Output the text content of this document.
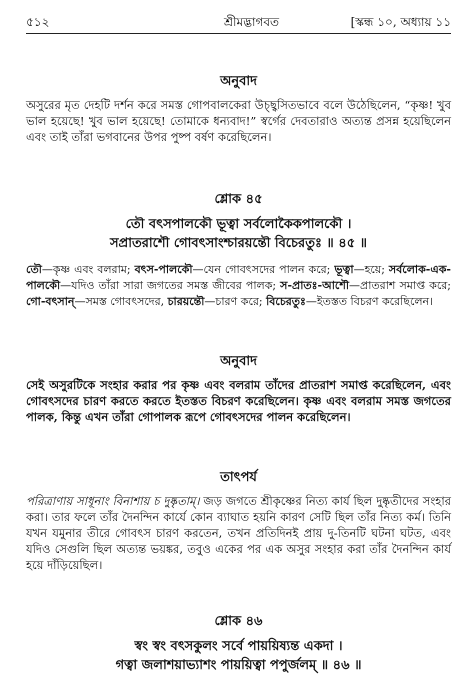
৫১২	শ্রীমদ্ভাগবত	[স্কন্ধ ১০, অধ্যায় ১১

অনুবাদ

অসুরের মৃত দেহটি দর্শন করে সমস্ত গোপবালকেরা উচ্ছ্বসিতভাবে বলে উঠেছিলেন, “কৃষ্ণ! খুব ভাল হয়েছে! খুব ভাল হয়েছে! তোমাকে ধন্যবাদ!” স্বর্গের দেবতারাও অত্যন্ত প্রসন্ন হয়েছিলেন এবং তাই তাঁরা ভগবানের উপর পুষ্প বর্ষণ করেছিলেন।

শ্লোক ৪৫

তৌ বৎসপালকৌ ভূত্বা সর্বলোকৈকপালকৌ ।

সপ্রাতরাশৌ গোবৎসাংশ্চারয়ন্তৌ বিচেরতুঃ ॥ ৪৫ ॥

তৌ—কৃষ্ণ এবং বলরাম; বৎস-পালকৌ—যেন গোবৎসদের পালন করে; ভূত্বা—হয়ে; সর্বলোক-এক-পালকৌ—যদিও তাঁরা সারা জগতের সমস্ত জীবের পালক; স-প্রাতঃ-আশৌ—প্রাতরাশ সমাপ্ত করে; গো-বৎসান্—সমস্ত গোবৎসদের, চারয়ন্তৌ—চারণ করে; বিচেরতুঃ—ইতস্তত বিচরণ করেছিলেন।

অনুবাদ

সেই অসুরটিকে সংহার করার পর কৃষ্ণ এবং বলরাম তাঁদের প্রাতরাশ সমাপ্ত করেছিলেন, এবং গোবৎসদের চারণ করতে করতে ইতস্তত বিচরণ করেছিলেন। কৃষ্ণ এবং বলরাম সমস্ত জগতের পালক, কিন্তু এখন তাঁরা গোপালক রূপে গোবৎসদের পালন করেছিলেন।

তাৎপর্য

পরিত্রাণায় সাধূনাং বিনাশায় চ দুষ্কৃতাম্। জড় জগতে শ্রীকৃষ্ণের নিত্য কার্য ছিল দুষ্কৃতীদের সংহার করা। তার ফলে তাঁর দৈনন্দিন কার্যে কোন ব্যাঘাত হয়নি কারণ সেটি ছিল তাঁর নিত্য কর্ম। তিনি যখন যমুনার তীরে গোবৎস চারণ করতেন, তখন প্রতিদিনই প্রায় দু-তিনটি ঘটনা ঘটত, এবং যদিও সেগুলি ছিল অত্যন্ত ভয়ঙ্কর, তবুও একের পর এক অসুর সংহার করা তাঁর দৈনন্দিন কার্য হয়ে দাঁড়িয়েছিল।

শ্লোক ৪৬

স্বং স্বং বৎসকুলং সর্বে পায়য়িষ্যন্ত একদা ।

গত্বা জলাশয়াভ্যাশং পায়য়িত্বা পপুর্জলম্ ॥ ৪৬ ॥
